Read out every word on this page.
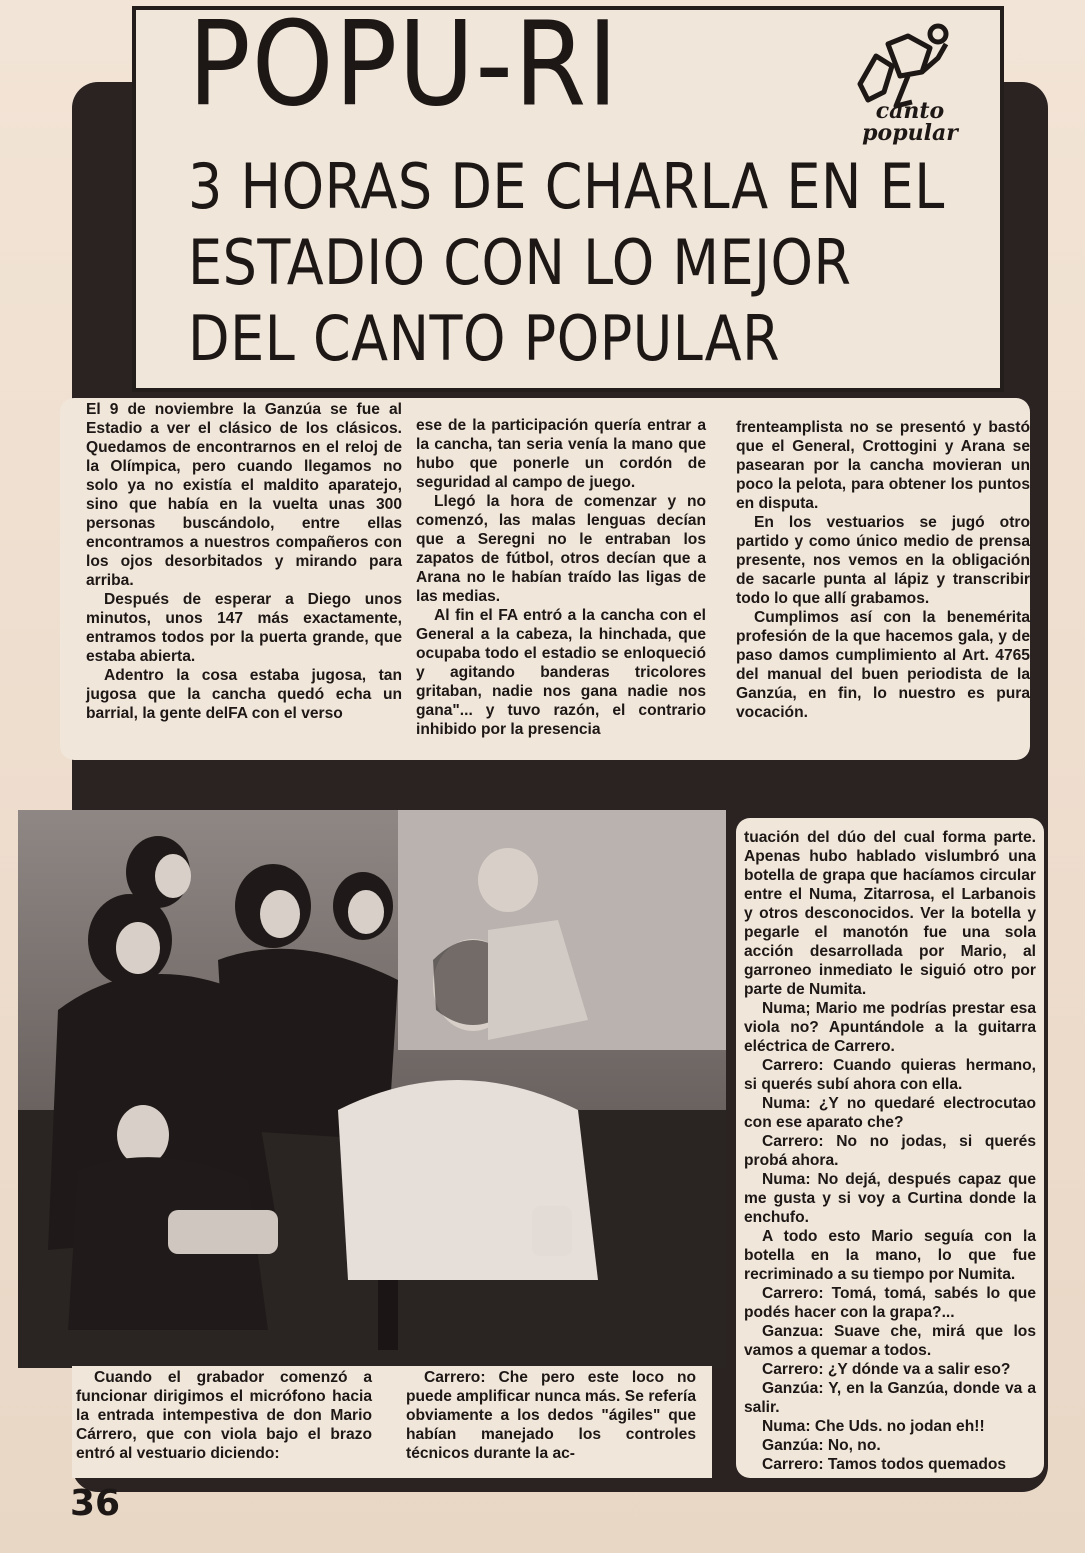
POPU-RI
3 HORAS DE CHARLA EN EL
ESTADIO CON LO MEJOR
DEL CANTO POPULAR
canto
popular

El 9 de noviembre la Ganzúa se fue al Estadio a ver el clásico de los clásicos. Quedamos de encontrarnos en el reloj de la Olímpica, pero cuando llegamos no solo ya no existía el maldito aparatejo, sino que había en la vuelta unas 300 personas buscándolo, entre ellas encontramos a nuestros compañeros con los ojos desorbitados y mirando para arriba.

Después de esperar a Diego unos minutos, unos 147 más exactamente, entramos todos por la puerta grande, que estaba abierta.

Adentro la cosa estaba jugosa, tan jugosa que la cancha quedó echa un barrial, la gente delFA con el verso

ese de la participación quería entrar a la cancha, tan seria venía la mano que hubo que ponerle un cordón de seguridad al campo de juego.

Llegó la hora de comenzar y no comenzó, las malas lenguas decían que a Seregni no le entraban los zapatos de fútbol, otros decían que a Arana no le habían traído las ligas de las medias.

Al fin el FA entró a la cancha con el General a la cabeza, la hinchada, que ocupaba todo el estadio se enloqueció y agitando banderas tricolores gritaban, nadie nos gana nadie nos gana"... y tuvo razón, el contrario inhibido por la presencia

frenteamplista no se presentó y bastó que el General, Crottogini y Arana se pasearan por la cancha movieran un poco la pelota, para obtener los puntos en disputa.

En los vestuarios se jugó otro partido y como único medio de prensa presente, nos vemos en la obligación de sacarle punta al lápiz y transcribir todo lo que allí grabamos.

Cumplimos así con la benemérita profesión de la que hacemos gala, y de paso damos cumplimiento al Art. 4765 del manual del buen periodista de la Ganzúa, en fin, lo nuestro es pura vocación.

tuación del dúo del cual forma parte. Apenas hubo hablado vislumbró una botella de grapa que hacíamos circular entre el Numa, Zitarrosa, el Larbanois y otros desconocidos. Ver la botella y pegarle el manotón fue una sola acción desarrollada por Mario, al garroneo inmediato le siguió otro por parte de Numita.

Numa; Mario me podrías prestar esa viola no? Apuntándole a la guitarra eléctrica de Carrero.

Carrero: Cuando quieras hermano, si querés subí ahora con ella.

Numa: ¿Y no quedaré electrocutao con ese aparato che?

Carrero: No no jodas, si querés probá ahora.

Numa: No dejá, después capaz que me gusta y si voy a Curtina donde la enchufo.

A todo esto Mario seguía con la botella en la mano, lo que fue recriminado a su tiempo por Numita.

Carrero: Tomá, tomá, sabés lo que podés hacer con la grapa?...

Ganzua: Suave che, mirá que los vamos a quemar a todos.

Carrero: ¿Y dónde va a salir eso?

Ganzúa: Y, en la Ganzúa, donde va a salir.

Numa: Che Uds. no jodan eh!!

Ganzúa: No, no.

Carrero: Tamos todos quemados

Cuando el grabador comenzó a funcionar dirigimos el micrófono hacia la entrada intempestiva de don Mario Cárrero, que con viola bajo el brazo entró al vestuario diciendo:

Carrero: Che pero este loco no puede amplificar nunca más. Se refería obviamente a los dedos "ágiles" que habían manejado los controles técnicos durante la ac-

36
